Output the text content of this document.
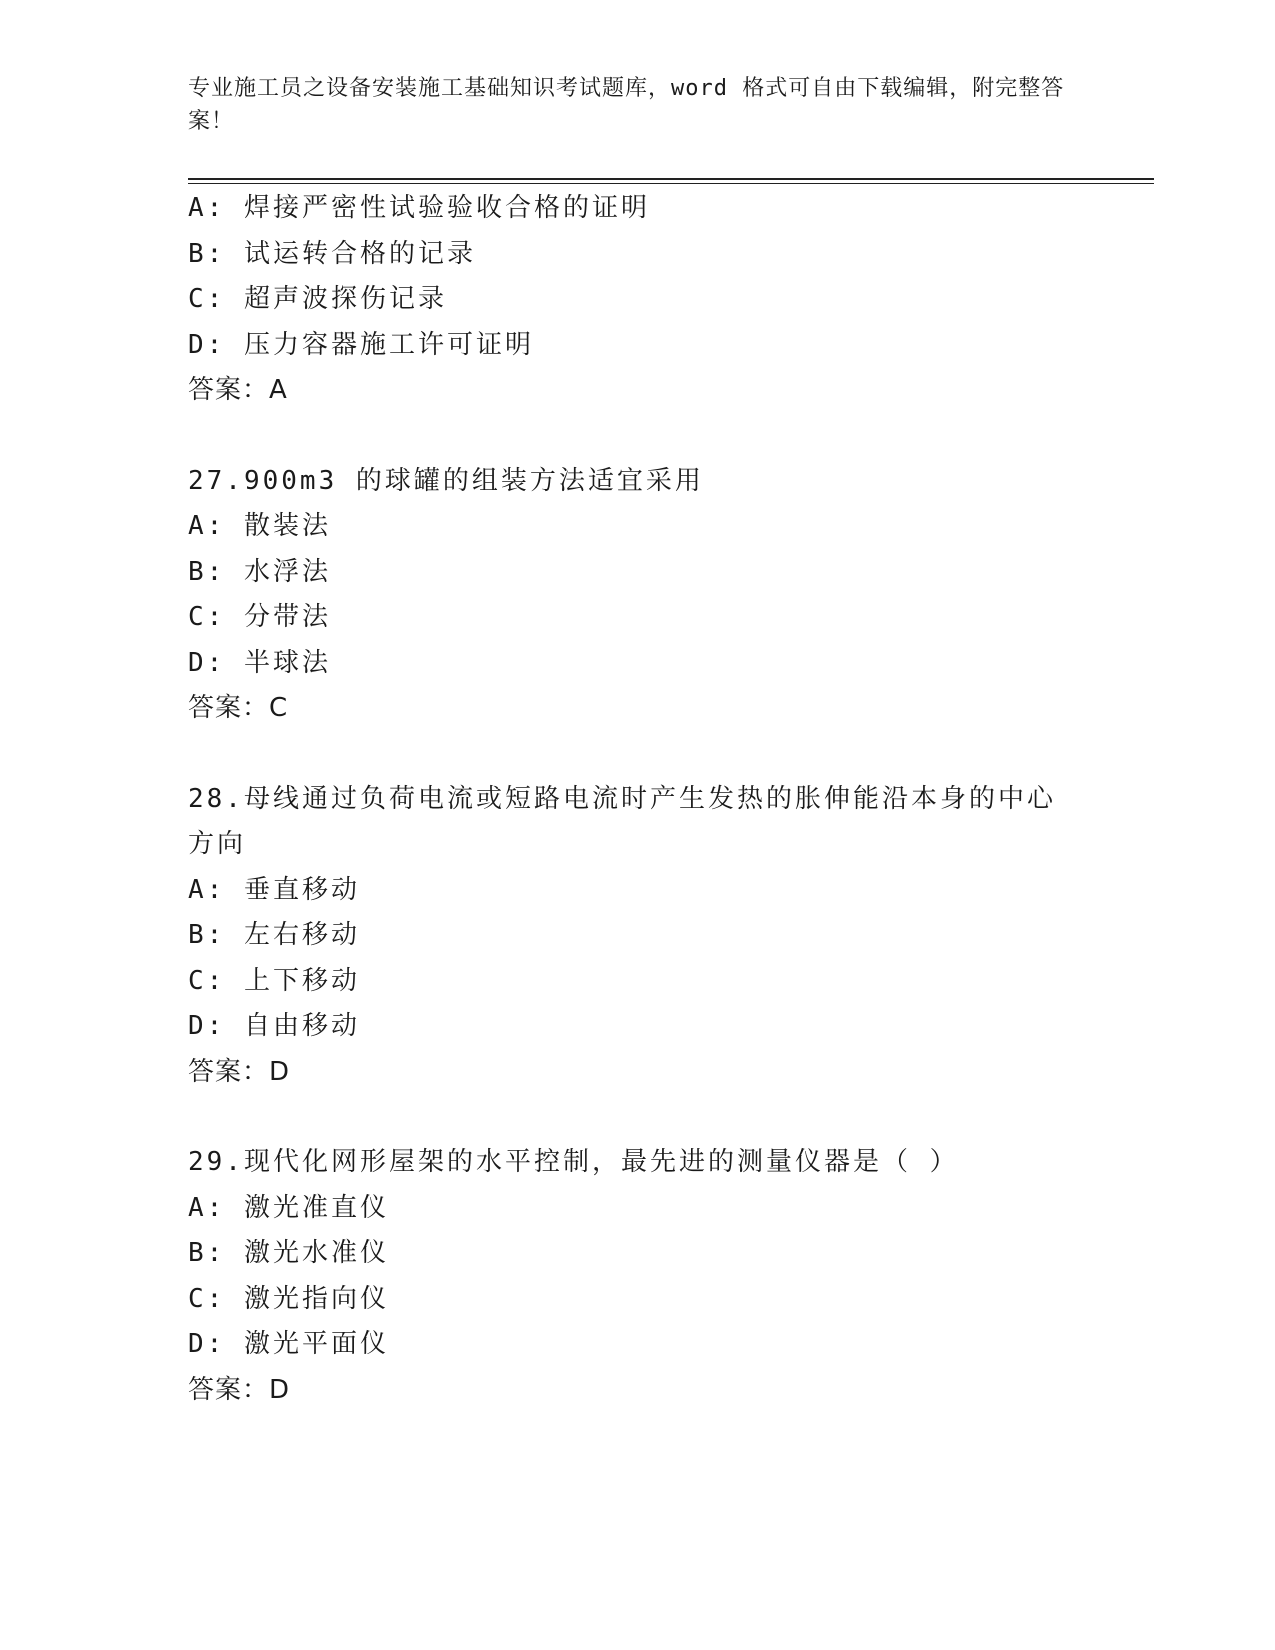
专业施工员之设备安装施工基础知识考试题库，word 格式可自由下载编辑，附完整答案！
A: 焊接严密性试验验收合格的证明
B: 试运转合格的记录
C: 超声波探伤记录
D: 压力容器施工许可证明
答案：A
27.900m3 的球罐的组装方法适宜采用
A: 散装法
B: 水浮法
C: 分带法
D: 半球法
答案：C
28.母线通过负荷电流或短路电流时产生发热的胀伸能沿本身的中心方向
A: 垂直移动
B: 左右移动
C: 上下移动
D: 自由移动
答案：D
29.现代化网形屋架的水平控制，最先进的测量仪器是（ ）
A: 激光准直仪
B: 激光水准仪
C: 激光指向仪
D: 激光平面仪
答案：D
